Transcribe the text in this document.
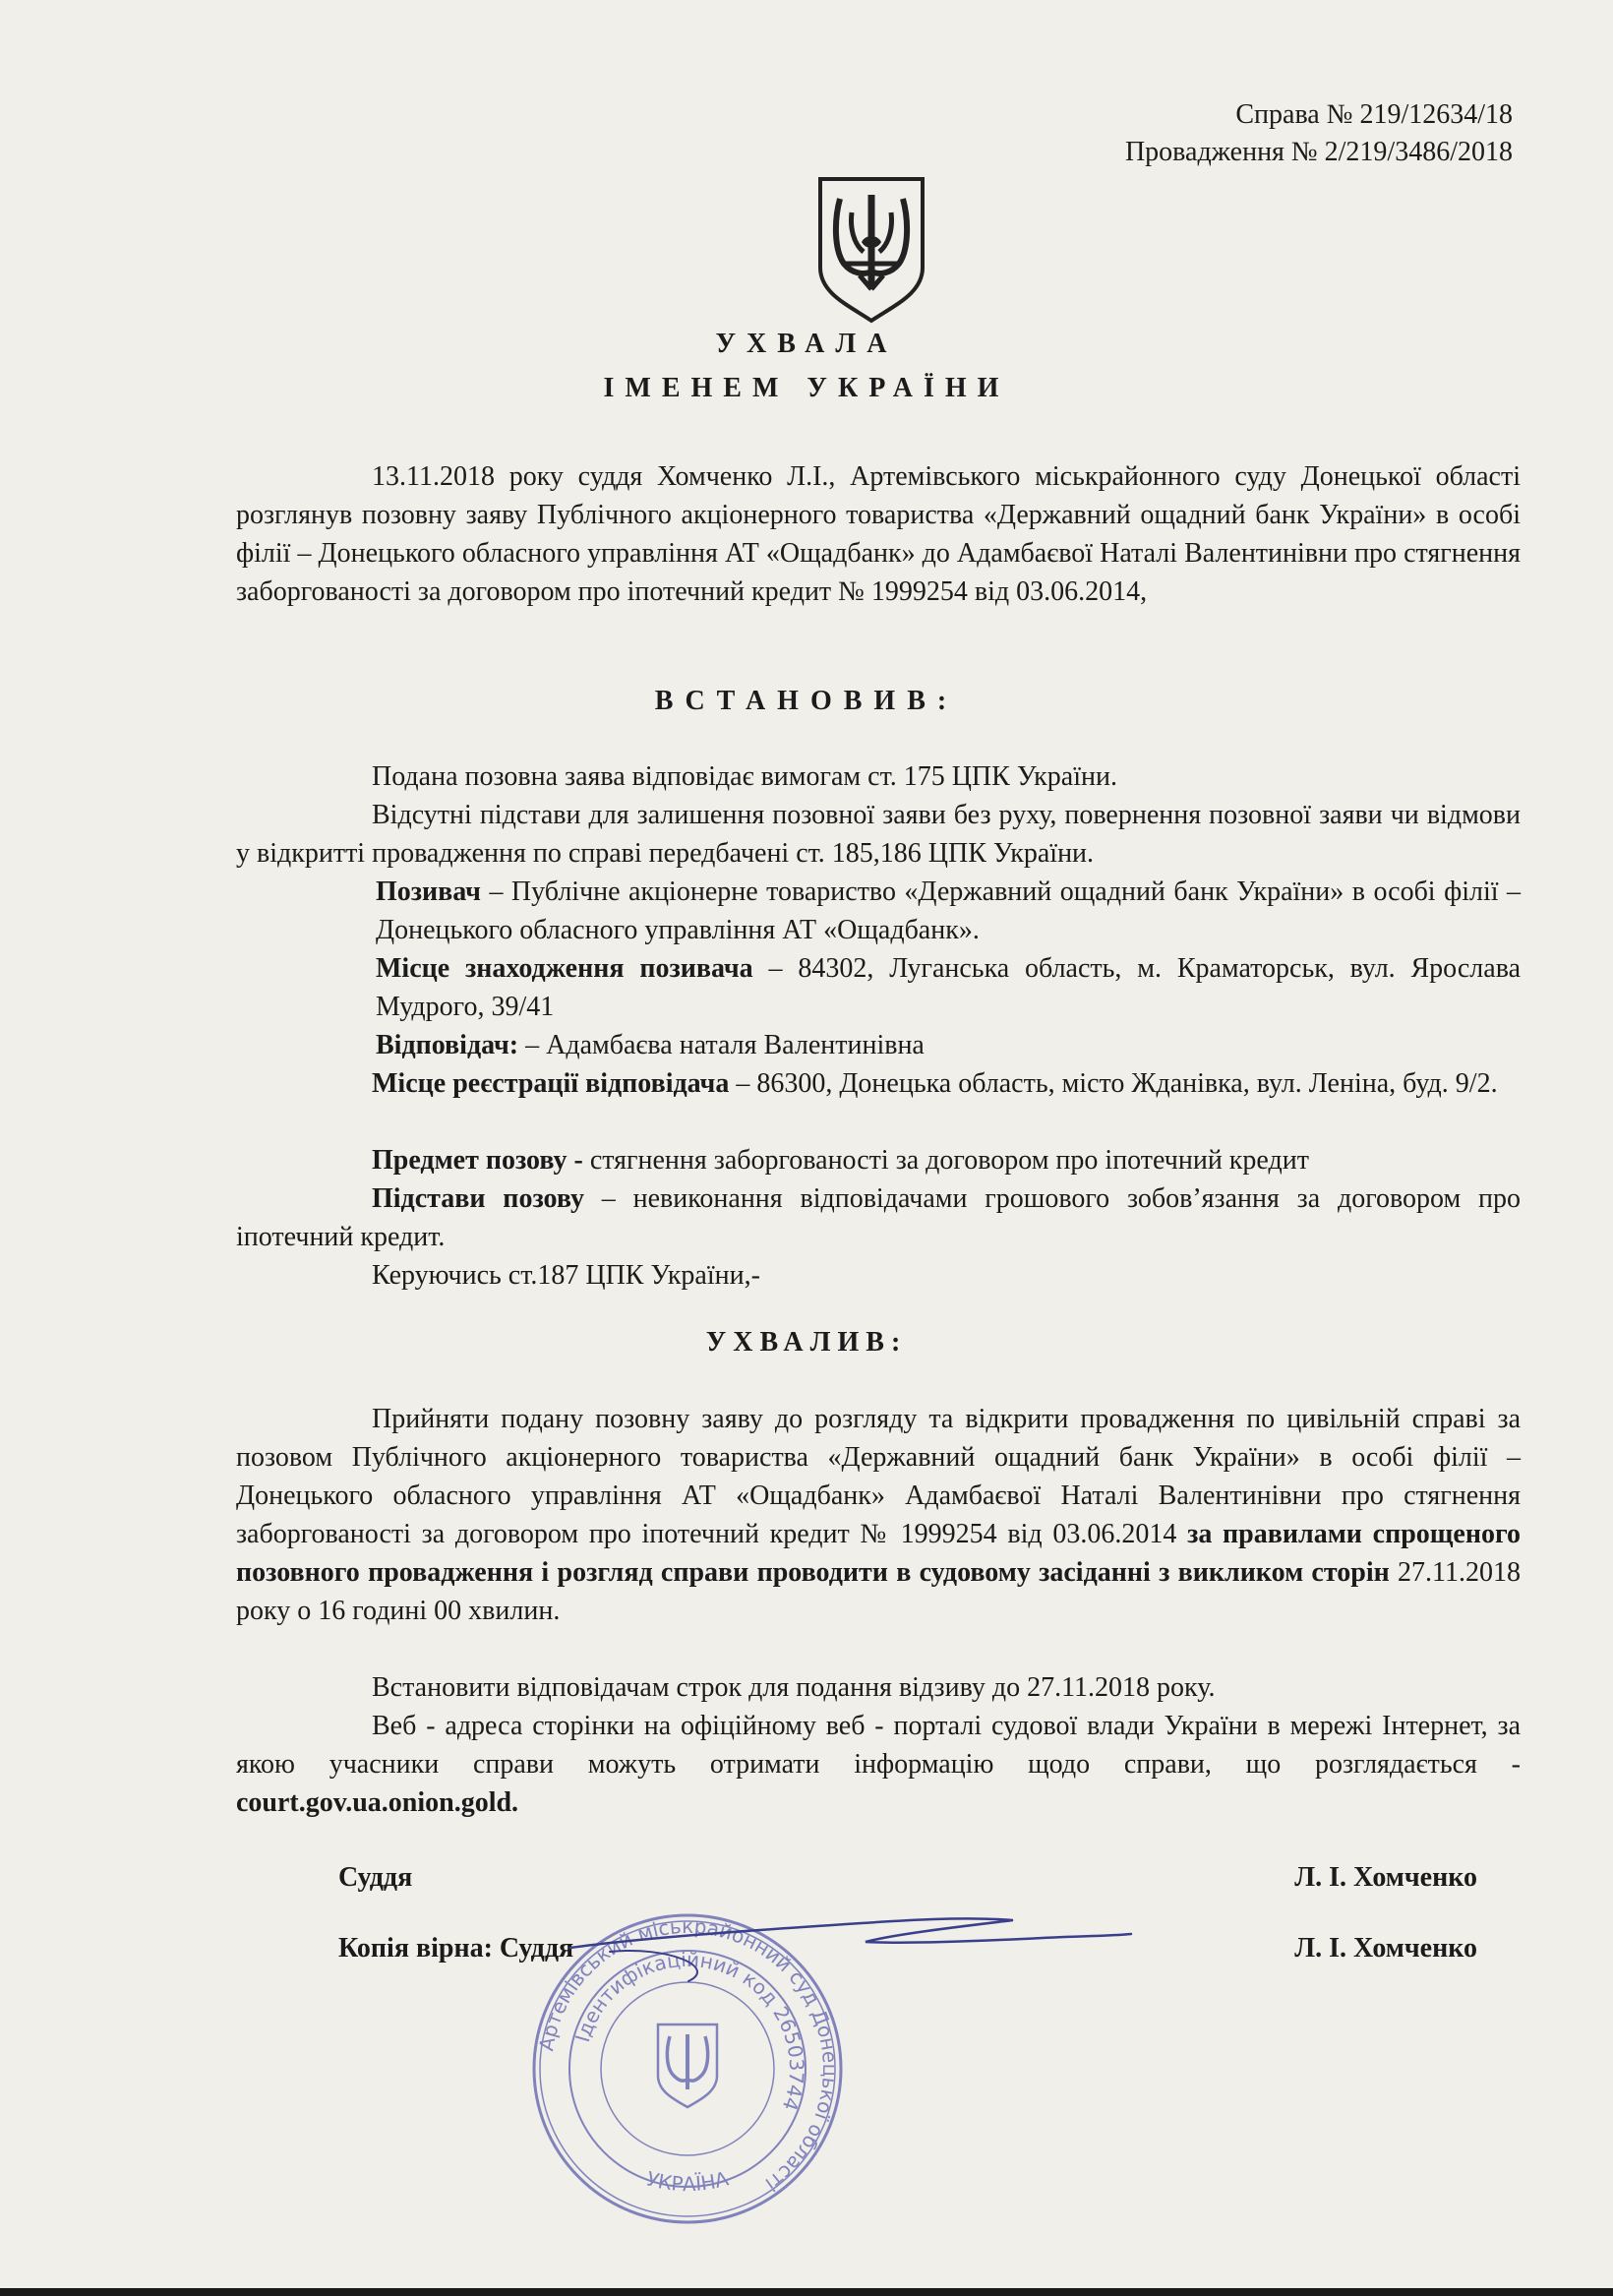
Справа № 219/12634/18
Провадження № 2/219/3486/2018
УХВАЛА
ІМЕНЕМ УКРАЇНИ
13.11.2018 року суддя Хомченко Л.І., Артемівського міськрайонного суду Донецької області розглянув позовну заяву Публічного акціонерного товариства «Державний ощадний банк України» в особі філії – Донецького обласного управління АТ «Ощадбанк» до Адамбаєвої Наталі Валентинівни про стягнення заборгованості за договором про іпотечний кредит № 1999254 від 03.06.2014,
ВСТАНОВИВ:
Подана позовна заява відповідає вимогам ст. 175 ЦПК України.
Відсутні підстави для залишення позовної заяви без руху, повернення позовної заяви чи відмови у відкритті провадження по справі передбачені ст. 185,186 ЦПК України.
Позивач – Публічне акціонерне товариство «Державний ощадний банк України» в особі філії – Донецького обласного управління АТ «Ощадбанк».
Місце знаходження позивача – 84302, Луганська область, м. Краматорськ, вул. Ярослава Мудрого, 39/41
Відповідач: – Адамбаєва наталя Валентинівна
Місце реєстрації відповідача – 86300, Донецька область, місто Жданівка, вул. Леніна, буд. 9/2.
Предмет позову - стягнення заборгованості за договором про іпотечний кредит
Підстави позову – невиконання відповідачами грошового зобов’язання за договором про іпотечний кредит.
Керуючись ст.187 ЦПК України,-
УХВАЛИВ:
Прийняти подану позовну заяву до розгляду та відкрити провадження по цивільній справі за позовом Публічного акціонерного товариства «Державний ощадний банк України» в особі філії – Донецького обласного управління АТ «Ощадбанк» Адамбаєвої Наталі Валентинівни про стягнення заборгованості за договором про іпотечний кредит № 1999254 від 03.06.2014 за правилами спрощеного позовного провадження і розгляд справи проводити в судовому засіданні з викликом сторін 27.11.2018 року о 16 годині 00 хвилин.
Встановити відповідачам строк для подання відзиву до 27.11.2018 року.
Веб - адреса сторінки на офіційному веб - порталі судової влади України в мережі Інтернет, за якою учасники справи можуть отримати інформацію щодо справи, що розглядається - court.gov.ua.onion.gold.
Суддя	Л. І. Хомченко
Копія вірна: Суддя	Л. І. Хомченко
Артемівський міськрайонний суд Донецької області
Ідентифікаційний код 26503744
УКРАЇНА
